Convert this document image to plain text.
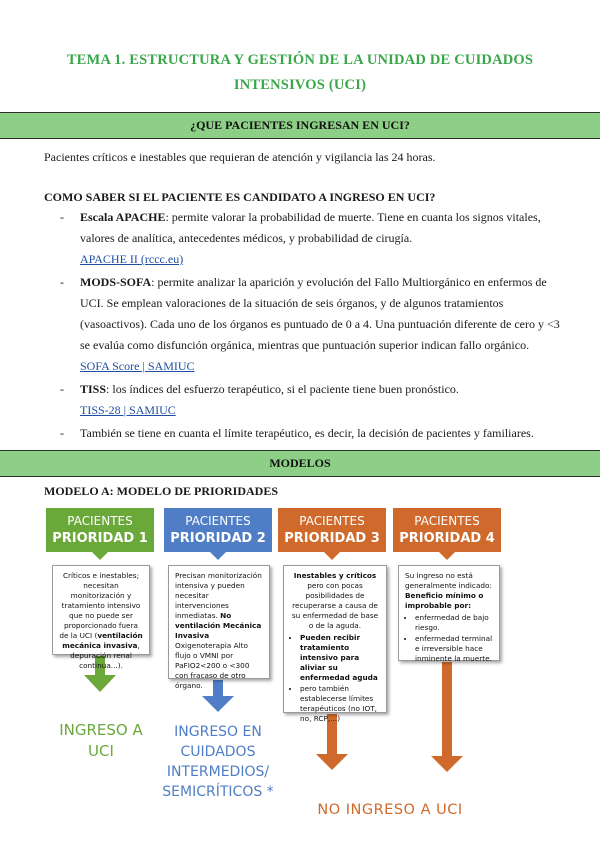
TEMA 1. ESTRUCTURA Y GESTIÓN DE LA UNIDAD DE CUIDADOS
INTENSIVOS (UCI)
¿QUE PACIENTES INGRESAN EN UCI?
Pacientes críticos e inestables que requieran de atención y vigilancia las 24 horas.
COMO SABER SI EL PACIENTE ES CANDIDATO A INGRESO EN UCI?
- Escala APACHE: permite valorar la probabilidad de muerte. Tiene en cuanta los signos vitales, valores de analítica, antecedentes médicos, y probabilidad de cirugía.
APACHE II (rccc.eu)
- MODS-SOFA: permite analizar la aparición y evolución del Fallo Multiorgánico en enfermos de UCI. Se emplean valoraciones de la situación de seis órganos, y de algunos tratamientos (vasoactivos). Cada uno de los órganos es puntuado de 0 a 4. Una puntuación diferente de cero y <3 se evalúa como disfunción orgánica, mientras que puntuación superior indican fallo orgánico.
SOFA Score | SAMIUC
- TISS: los índices del esfuerzo terapéutico, si el paciente tiene buen pronóstico.
TISS-28 | SAMIUC
- También se tiene en cuanta el límite terapéutico, es decir, la decisión de pacientes y familiares.
MODELOS
MODELO A: MODELO DE PRIORIDADES
PACIENTES
PRIORIDAD 1
PACIENTES
PRIORIDAD 2
PACIENTES
PRIORIDAD 3
PACIENTES
PRIORIDAD 4
Críticos e inestables; necesitan monitorización y tratamiento intensivo que no puede ser proporcionado fuera de la UCI (ventilación mecánica invasiva, depuración renal continua...).
Precisan monitorización intensiva y pueden necesitar intervenciones inmediatas. No ventilación Mecánica Invasiva Oxigenoterapia Alto flujo o VMNI por PaFIO2<200 o <300 con fracaso de otro órgano.
Inestables y críticos pero con pocas posibilidades de recuperarse a causa de su enfermedad de base o de la aguda.
• Pueden recibir tratamiento intensivo para aliviar su enfermedad aguda
• pero también establecerse límites terapéuticos (no IOT, no, RCP,...)
Su ingreso no está generalmente indicado: Beneficio mínimo o improbable por:
• enfermedad de bajo riesgo.
• enfermedad terminal e irreversible hace inminente la muerte.
INGRESO A UCI
INGRESO EN CUIDADOS INTERMEDIOS/ SEMICRÍTICOS *
NO INGRESO A UCI
